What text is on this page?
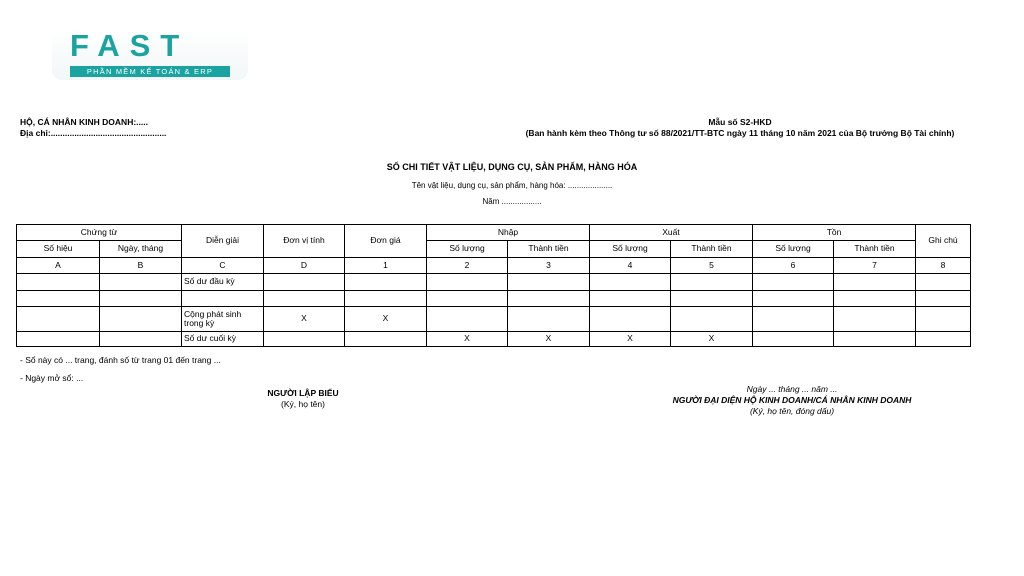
FAST
PHẦN MỀM KẾ TOÁN & ERP
HỘ, CÁ NHÂN KINH DOANH:.....
Địa chỉ:.................................................
Mẫu số S2-HKD
(Ban hành kèm theo Thông tư số 88/2021/TT-BTC ngày 11 tháng 10 năm 2021 của Bộ trưởng Bộ Tài chính)
SỔ CHI TIẾT VẬT LIỆU, DỤNG CỤ, SẢN PHẨM, HÀNG HÓA
Tên vật liệu, dụng cụ, sản phẩm, hàng hóa: ....................
Năm ..................
Chứng từ		Diễn giải	Đơn vị tính	Đơn giá	Nhập		Xuất		Tồn		Ghi chú
Số hiệu	Ngày, tháng				Số lượng	Thành tiền	Số lượng	Thành tiền	Số lượng	Thành tiền	
A	B	C	D	1	2	3	4	5	6	7	8
		Số dư đầu kỳ									

		Cộng phát sinh trong kỳ	X	X							
		Số dư cuối kỳ			X	X	X	X			
- Sổ này có ... trang, đánh số từ trang 01 đến trang ...
- Ngày mở sổ: ...
NGƯỜI LẬP BIỂU
(Ký, họ tên)
Ngày ... tháng ... năm ...
NGƯỜI ĐẠI DIỆN HỘ KINH DOANH/CÁ NHÂN KINH DOANH
(Ký, họ tên, đóng dấu)
